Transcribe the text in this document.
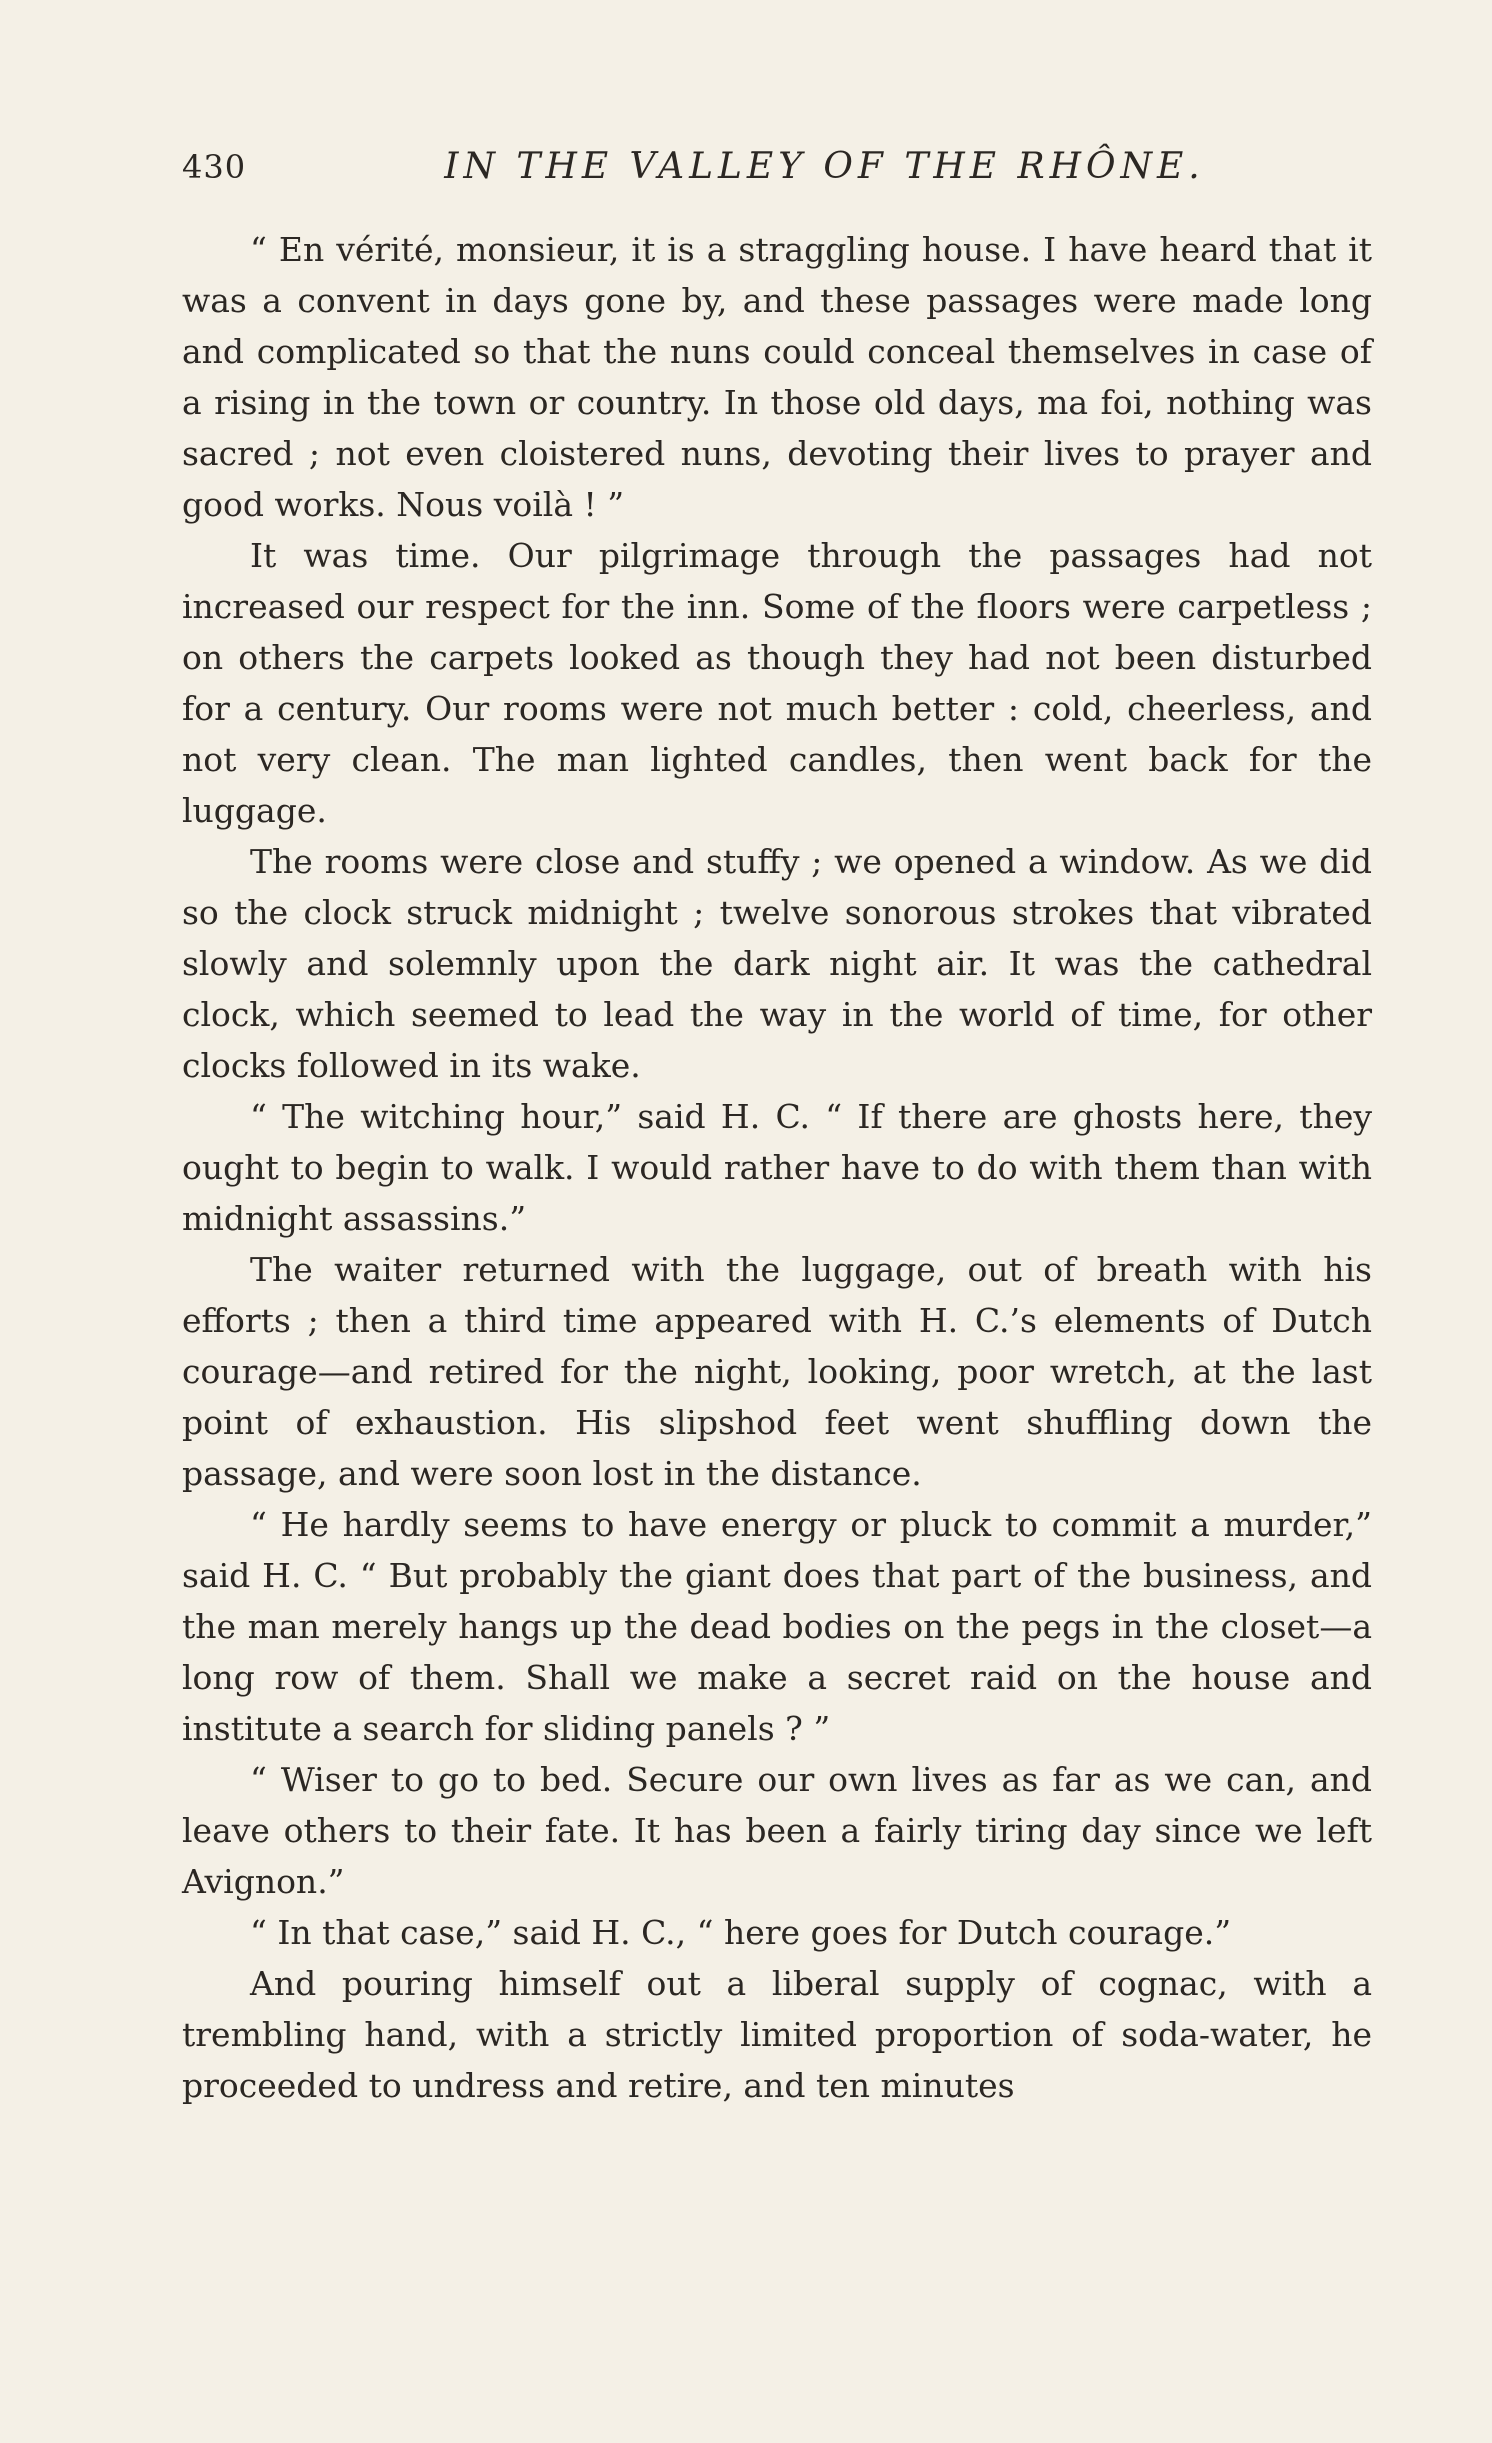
430	IN THE VALLEY OF THE RHÔNE.

“ En vérité, monsieur, it is a straggling house. I have heard that it was a convent in days gone by, and these passages were made long and complicated so that the nuns could conceal themselves in case of a rising in the town or country. In those old days, ma foi, nothing was sacred ; not even cloistered nuns, devoting their lives to prayer and good works. Nous voilà ! ”

It was time. Our pilgrimage through the passages had not increased our respect for the inn. Some of the floors were carpetless ; on others the carpets looked as though they had not been disturbed for a century. Our rooms were not much better : cold, cheerless, and not very clean. The man lighted candles, then went back for the luggage.

The rooms were close and stuffy ; we opened a window. As we did so the clock struck midnight ; twelve sonorous strokes that vibrated slowly and solemnly upon the dark night air. It was the cathedral clock, which seemed to lead the way in the world of time, for other clocks followed in its wake.

“ The witching hour,” said H. C. “ If there are ghosts here, they ought to begin to walk. I would rather have to do with them than with midnight assassins.”

The waiter returned with the luggage, out of breath with his efforts ; then a third time appeared with H. C.’s elements of Dutch courage—and retired for the night, looking, poor wretch, at the last point of exhaustion. His slipshod feet went shuffling down the passage, and were soon lost in the distance.

“ He hardly seems to have energy or pluck to commit a murder,” said H. C. “ But probably the giant does that part of the business, and the man merely hangs up the dead bodies on the pegs in the closet—a long row of them. Shall we make a secret raid on the house and institute a search for sliding panels ? ”

“ Wiser to go to bed. Secure our own lives as far as we can, and leave others to their fate. It has been a fairly tiring day since we left Avignon.”

“ In that case,” said H. C., “ here goes for Dutch courage.”

And pouring himself out a liberal supply of cognac, with a trembling hand, with a strictly limited proportion of soda-water, he proceeded to undress and retire, and ten minutes
